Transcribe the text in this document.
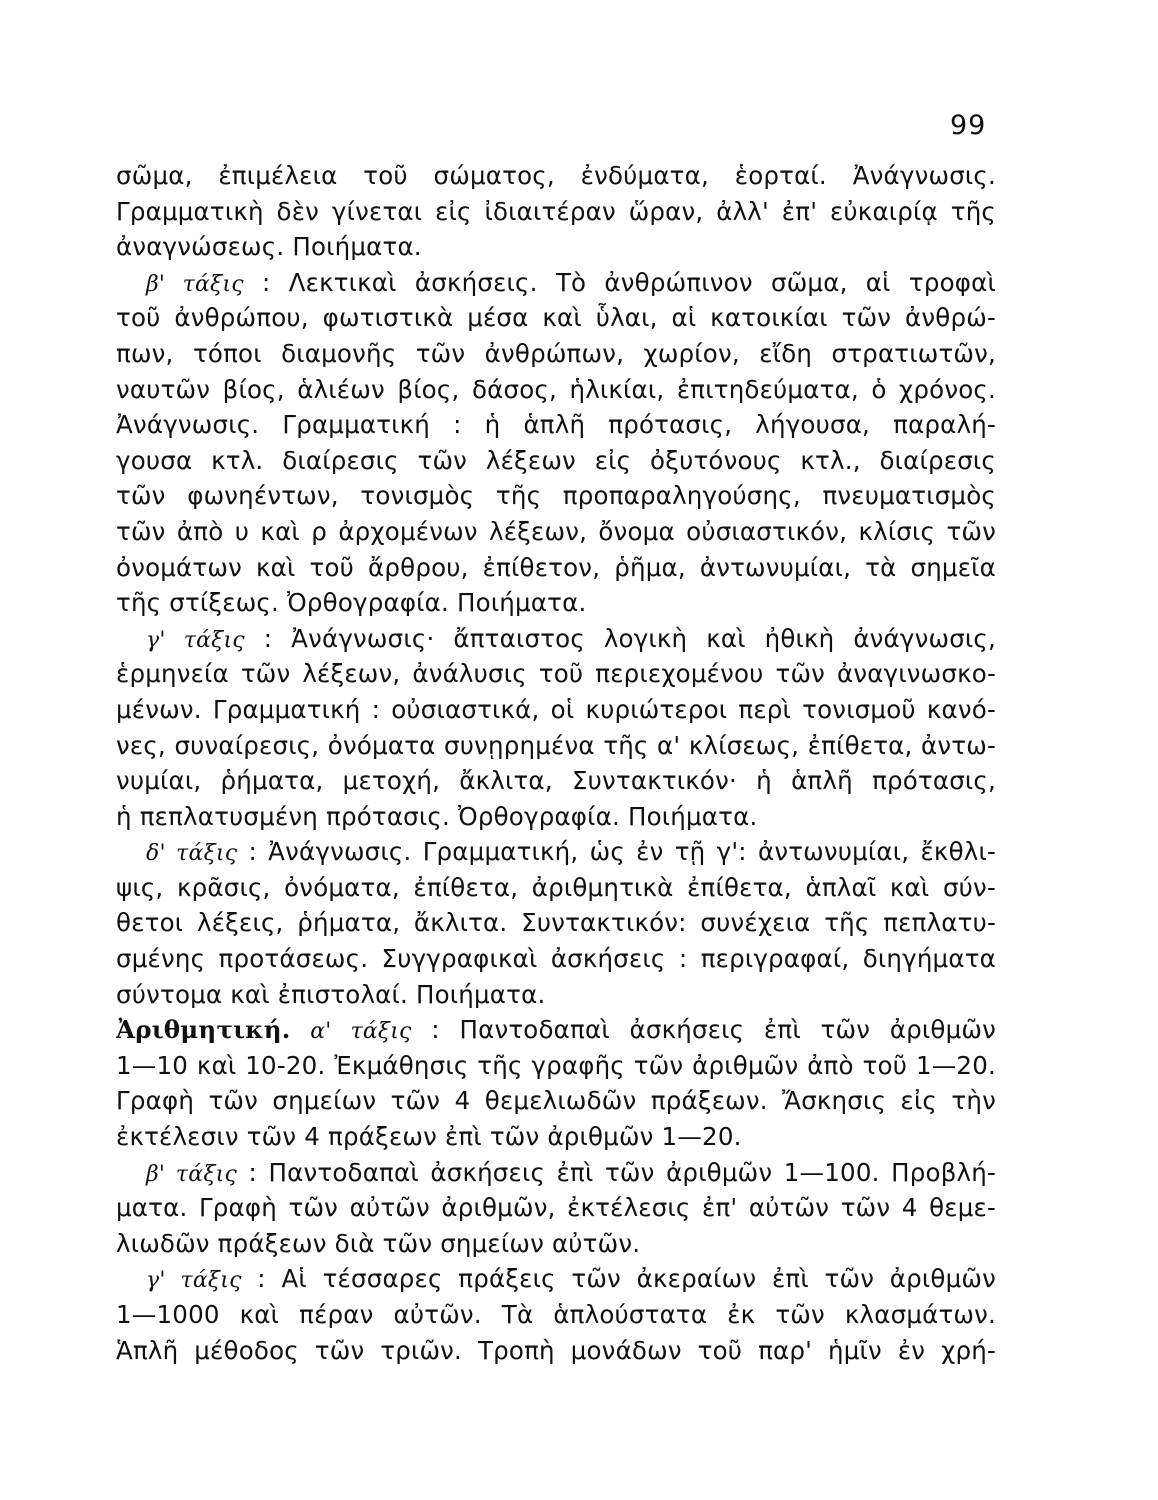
99
σῶμα, ἐπιμέλεια τοῦ σώματος, ἐνδύματα, ἑορταί. Ἀνάγνωσις.
Γραμματικὴ δὲν γίνεται εἰς ἰδιαιτέραν ὥραν, ἀλλ' ἐπ' εὐκαιρίᾳ τῆς
ἀναγνώσεως. Ποιήματα.
β' τάξις : Λεκτικαὶ ἀσκήσεις. Τὸ ἀνθρώπινον σῶμα, αἱ τροφαὶ
τοῦ ἀνθρώπου, φωτιστικὰ μέσα καὶ ὗλαι, αἱ κατοικίαι τῶν ἀνθρώ-
πων, τόποι διαμονῆς τῶν ἀνθρώπων, χωρίον, εἴδη στρατιωτῶν,
ναυτῶν βίος, ἁλιέων βίος, δάσος, ἡλικίαι, ἐπιτηδεύματα, ὁ χρόνος.
Ἀνάγνωσις. Γραμματική : ἡ ἁπλῆ πρότασις, λήγουσα, παραλή-
γουσα κτλ. διαίρεσις τῶν λέξεων εἰς ὀξυτόνους κτλ., διαίρεσις
τῶν φωνηέντων, τονισμὸς τῆς προπαραληγούσης, πνευματισμὸς
τῶν ἀπὸ υ καὶ ρ ἀρχομένων λέξεων, ὄνομα οὐσιαστικόν, κλίσις τῶν
ὀνομάτων καὶ τοῦ ἄρθρου, ἐπίθετον, ῥῆμα, ἀντωνυμίαι, τὰ σημεῖα
τῆς στίξεως. Ὀρθογραφία. Ποιήματα.
γ' τάξις : Ἀνάγνωσις· ἄπταιστος λογικὴ καὶ ἠθικὴ ἀνάγνωσις,
ἑρμηνεία τῶν λέξεων, ἀνάλυσις τοῦ περιεχομένου τῶν ἀναγινωσκο-
μένων. Γραμματική : οὐσιαστικά, οἱ κυριώτεροι περὶ τονισμοῦ κανό-
νες, συναίρεσις, ὀνόματα συνῃρημένα τῆς α' κλίσεως, ἐπίθετα, ἀντω-
νυμίαι, ῥήματα, μετοχή, ἄκλιτα, Συντακτικόν· ἡ ἁπλῆ πρότασις,
ἡ πεπλατυσμένη πρότασις. Ὀρθογραφία. Ποιήματα.
δ' τάξις : Ἀνάγνωσις. Γραμματική, ὡς ἐν τῇ γ': ἀντωνυμίαι, ἔκθλι-
ψις, κρᾶσις, ὀνόματα, ἐπίθετα, ἀριθμητικὰ ἐπίθετα, ἁπλαῖ καὶ σύν-
θετοι λέξεις, ῥήματα, ἄκλιτα. Συντακτικόν: συνέχεια τῆς πεπλατυ-
σμένης προτάσεως. Συγγραφικαὶ ἀσκήσεις : περιγραφαί, διηγήματα
σύντομα καὶ ἐπιστολαί. Ποιήματα.
Ἀριθμητική. α' τάξις : Παντοδαπαὶ ἀσκήσεις ἐπὶ τῶν ἀριθμῶν
1—10 καὶ 10-20. Ἐκμάθησις τῆς γραφῆς τῶν ἀριθμῶν ἀπὸ τοῦ 1—20.
Γραφὴ τῶν σημείων τῶν 4 θεμελιωδῶν πράξεων. Ἄσκησις εἰς τὴν
ἐκτέλεσιν τῶν 4 πράξεων ἐπὶ τῶν ἀριθμῶν 1—20.
β' τάξις : Παντοδαπαὶ ἀσκήσεις ἐπὶ τῶν ἀριθμῶν 1—100. Προβλή-
ματα. Γραφὴ τῶν αὐτῶν ἀριθμῶν, ἐκτέλεσις ἐπ' αὐτῶν τῶν 4 θεμε-
λιωδῶν πράξεων διὰ τῶν σημείων αὐτῶν.
γ' τάξις : Αἱ τέσσαρες πράξεις τῶν ἀκεραίων ἐπὶ τῶν ἀριθμῶν
1—1000 καὶ πέραν αὐτῶν. Τὰ ἁπλούστατα ἐκ τῶν κλασμάτων.
Ἁπλῆ μέθοδος τῶν τριῶν. Τροπὴ μονάδων τοῦ παρ' ἡμῖν ἐν χρή-
